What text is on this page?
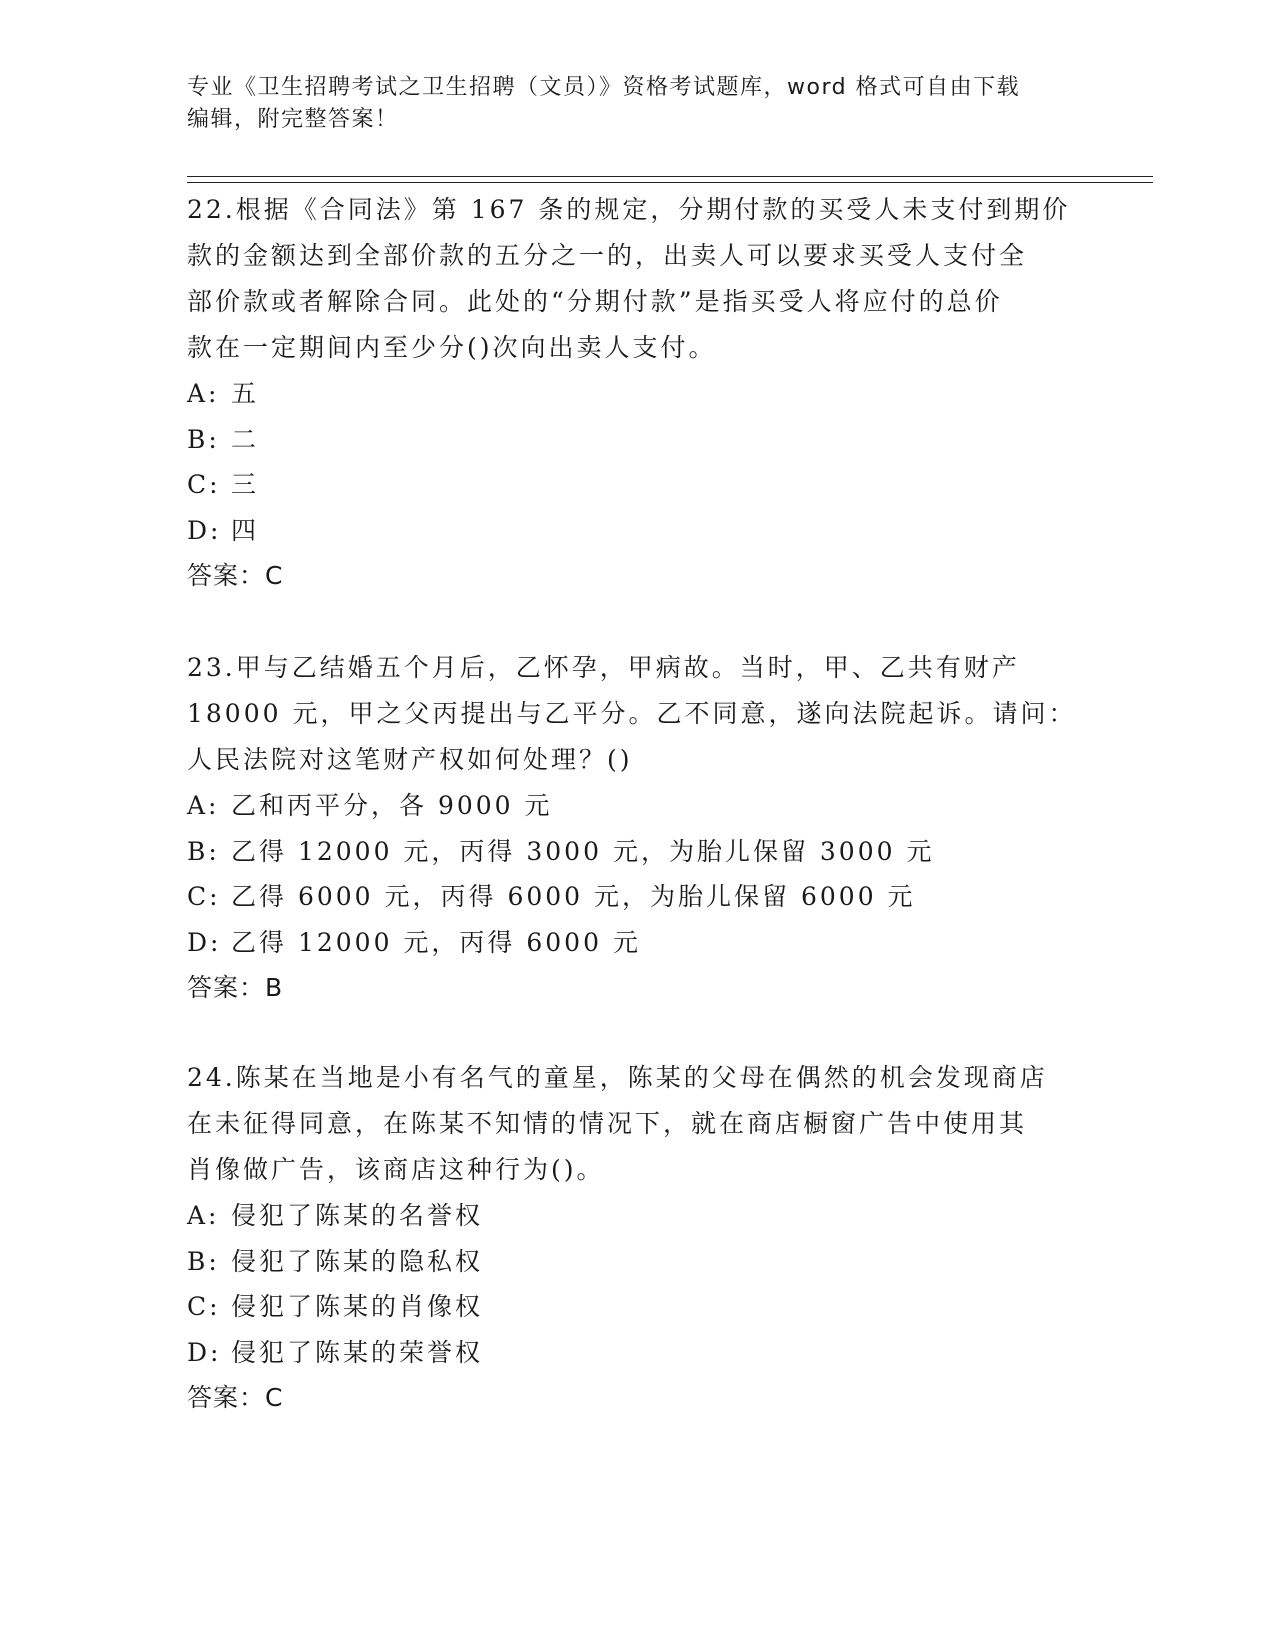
专业《卫生招聘考试之卫生招聘（文员）》资格考试题库，word 格式可自由下载
编辑，附完整答案！

22.根据《合同法》第 167 条的规定，分期付款的买受人未支付到期价

款的金额达到全部价款的五分之一的，出卖人可以要求买受人支付全

部价款或者解除合同。此处的“分期付款”是指买受人将应付的总价

款在一定期间内至少分()次向出卖人支付。

A: 五

B: 二

C: 三

D: 四

答案：C

23.甲与乙结婚五个月后，乙怀孕，甲病故。当时，甲、乙共有财产

18000 元，甲之父丙提出与乙平分。乙不同意，遂向法院起诉。请问：

人民法院对这笔财产权如何处理？()

A: 乙和丙平分，各 9000 元

B: 乙得 12000 元，丙得 3000 元，为胎儿保留 3000 元

C: 乙得 6000 元，丙得 6000 元，为胎儿保留 6000 元

D: 乙得 12000 元，丙得 6000 元

答案：B

24.陈某在当地是小有名气的童星，陈某的父母在偶然的机会发现商店

在未征得同意，在陈某不知情的情况下，就在商店橱窗广告中使用其

肖像做广告，该商店这种行为()。

A: 侵犯了陈某的名誉权

B: 侵犯了陈某的隐私权

C: 侵犯了陈某的肖像权

D: 侵犯了陈某的荣誉权

答案：C
